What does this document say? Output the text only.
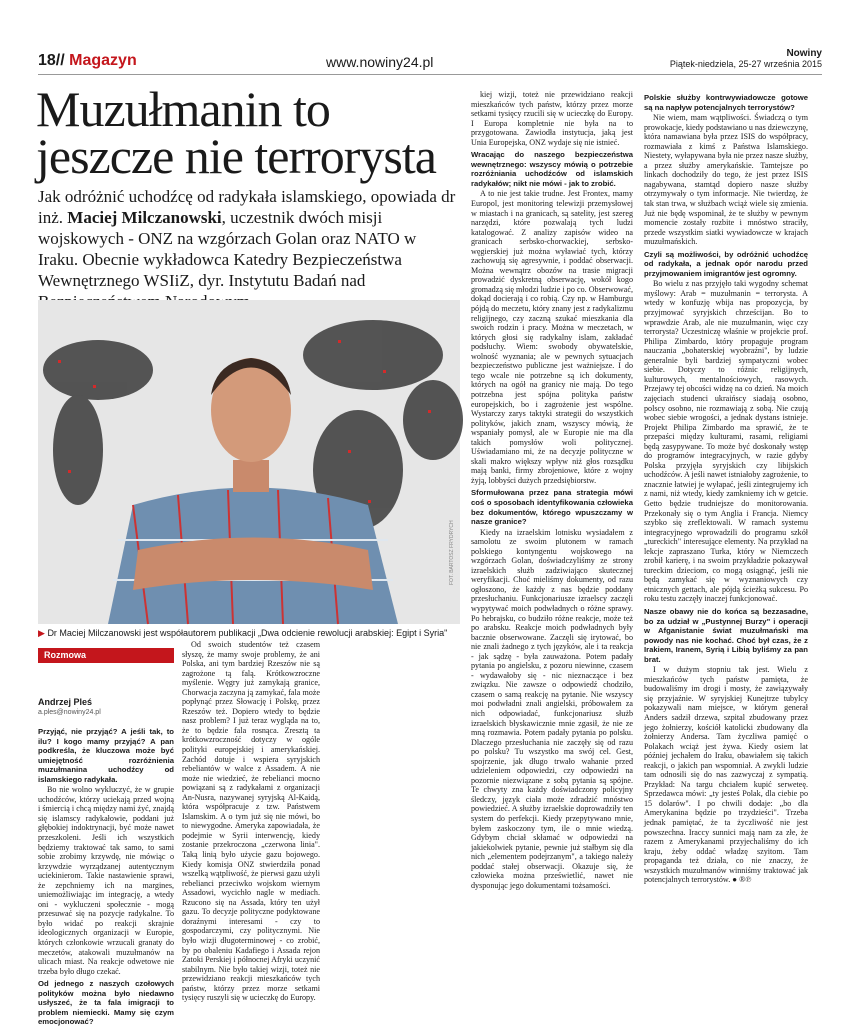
18// Magazyn	www.nowiny24.pl
Nowiny
Piątek-niedziela, 25-27 września 2015
Muzułmanin to jeszcze nie terrorysta
Jak odróżnić uchodźcę od radykała islamskiego, opowiada dr inż. Maciej Milczanowski, uczestnik dwóch misji wojskowych - ONZ na wzgórzach Golan oraz NATO w Iraku. Obecnie wykładowca Katedry Bezpieczeństwa Wewnętrznego WSIiZ, dyr. Instytutu Badań nad
FOT. BARTOSZ FRYDRYCH
▶ Dr Maciej Milczanowski jest współautorem publikacji „Dwa odcienie rewolucji arabskiej: Egipt i Syria"
Rozmowa
Andrzej Pleś
a.ples@nowiny24.pl

Przyjąć, nie przyjąć? A jeśli tak, to ilu? I kogo mamy przyjąć? A pan podkreśla, że kluczowa może być umiejętność rozróżnienia muzułmanina uchodźcy od islamskiego radykała.

Bo nie wolno wykluczyć, że w grupie uchodźców, którzy uciekają przed wojną i śmiercią i chcą między nami żyć, znajdą się islamscy radykałowie, poddani już głębokiej indoktrynacji, być może nawet przeszkoleni. Jeśli ich wszystkich będziemy traktować tak samo, to sami sobie zrobimy krzywdę, nie mówiąc o krzywdzie wyrządzanej autentycznym uciekinierom. Takie nastawienie sprawi, że zepchniemy ich na margines, uniemożliwiając im integrację, a wtedy oni - wykluczeni społecznie - mogą przesuwać się na pozycje radykalne. To było widać po reakcji skrajnie ideologicznych organizacji w Europie, których członkowie wrzucali granaty do meczetów, atakowali muzułmanów na ulicach miast. Na reakcje odwetowe nie trzeba było długo czekać.

Od jednego z naszych czołowych polityków można było niedawno usłyszeć, że ta fala imigracji to problem niemiecki. Mamy się czym emocjonować?

Od swoich studentów też czasem słyszę, że mamy swoje problemy, że ani Polska, ani tym bardziej Rzeszów nie są zagrożone tą falą. Krótkowzroczne myślenie. Węgry już zamykają granice, Chorwacja zaczyna ją zamykać, fala może popłynąć przez Słowację i Polskę, przez Rzeszów też. Dopiero wtedy to będzie nasz problem? I już teraz wygląda na to, że to będzie fala rosnąca. Zresztą ta krótkowzroczność dotyczy w ogóle polityki europejskiej i amerykańskiej. Zachód dotuje i wspiera syryjskich rebeliantów w walce z Assadem. A nie może nie wiedzieć, że rebelianci mocno powiązani są z radykałami z organizacji An-Nusra, nazywanej syryjską Al-Kaidą, która współpracuje z tzw. Państwem Islamskim. A o tym już się nie mówi, bo to niewygodne. Ameryka zapowiadała, że podejmie w Syrii interwencję, kiedy zostanie przekroczona „czerwona linia". Taką linią było użycie gazu bojowego. Kiedy komisja ONZ stwierdziła ponad wszelką wątpliwość, że pierwsi gazu użyli rebelianci przeciwko wojskom wiernym Assadowi, wycichło nagle w mediach. Rzucono się na Assada, który ten użył gazu. To decyzje polityczne podyktowane doraźnymi interesami - czy to gospodarczymi, czy politycznymi. Nie było wizji długoterminowej - co zrobić, by po obaleniu Kadafiego i Assada rejon Zatoki Perskiej i północnej Afryki uczynić stabilnym. Nie było takiej wizji, toteż nie przewidziano reakcji mieszkańców tych państw, którzy przez morze setkami tysięcy ruszyli się w ucieczkę do Europy.

kiej wizji, toteż nie przewidziano reakcji mieszkańców tych państw, którzy przez morze setkami tysięcy rzucili się w ucieczkę do Europy. I Europa kompletnie nie była na to przygotowana. Zawiodła instytucja, jaką jest Unia Europejska, ONZ wydaje się nie istnieć.

Wracając do naszego bezpieczeństwa wewnętrznego: wszyscy mówią o potrzebie rozróżniania uchodźców od islamskich radykałów; nikt nie mówi - jak to zrobić.

A to nie jest takie trudne. Jest Frontex, mamy Europol, jest monitoring telewizji przemysłowej w miastach i na granicach, są satelity, jest szereg narzędzi, które pozwalają tych ludzi katalogować. Z analizy zapisów wideo na granicach serbsko-chorwackiej, serbsko-węgierskiej już można wyławiać tych, którzy zachowują się agresywnie, i poddać obserwacji. Można wewnątrz obozów na trasie migracji prowadzić dyskretną obserwację, wokół kogo gromadzą się młodzi ludzie i po co. Obserwować, dokąd docierają i co robią. Czy np. w Hamburgu pójdą do meczetu, który znany jest z radykalizmu religijnego, czy zaczną szukać mieszkania dla swoich rodzin i pracy. Można w meczetach, w których głosi się radykalny islam, zakładać podsłuchy. Wiem: swobody obywatelskie, wolność wyznania; ale w pewnych sytuacjach bezpieczeństwo publiczne jest ważniejsze. I do tego wcale nie potrzebne są ich dokumenty, których na ogół na granicy nie mają. Do tego potrzebna jest spójna polityka państw europejskich, bo i zagrożenie jest wspólne. Wystarczy zarys taktyki strategii do wszystkich polityków, jakich znam, wszyscy mówią, że wspaniały pomysł, ale w Europie nie ma dla takich pomysłów woli politycznej. Uświadamiano mi, że na decyzje polityczne w skali makro większy wpływ niż głos rozsądku mają banki, firmy zbrojeniowe, które z wojny żyją, lobbyści dużych przedsiębiorstw.

Sformułowana przez pana strategia mówi coś o sposobach identyfikowania człowieka bez dokumentów, którego wpuszczamy w nasze granice?

Kiedy na izraelskim lotnisku wysiadałem z samolotu ze swoim plutonem w ramach polskiego kontyngentu wojskowego na wzgórzach Golan, doświadczyliśmy ze strony izraelskich służb zadziwiająco skutecznej weryfikacji. Choć mieliśmy dokumenty, od razu ogłoszono, że każdy z nas będzie poddany przesłuchaniu. Funkcjonariusze izraelscy zaczęli wypytywać moich podwładnych o różne sprawy. Po hebrajsku, co budziło różne reakcje, może też po arabsku. Reakcje moich podwładnych były bacznie obserwowane. Zaczęli się irytować, bo nie znali żadnego z tych języków, ale i ta reakcja - jak sądzę - była zauważona. Potem padały pytania po angielsku, z pozoru niewinne, czasem - wydawałoby się - nic nieznaczące i bez związku. Nie zawsze o odpowiedź chodziło, czasem o samą reakcję na pytanie. Nie wszyscy moi podwładni znali angielski, próbowałem za nich odpowiadać, funkcjonariusz służb izraelskich błyskawicznie mnie zgasił, że nie ze mną rozmawia. Potem padały pytania po polsku. Dlaczego przesłuchania nie zaczęły się od razu po polsku? Tu wszystko ma swój cel. Gest, spojrzenie, jak długo trwało wahanie przed udzieleniem odpowiedzi, czy odpowiedzi na pozornie niezwiązane z sobą pytania są spójne. Te chwyty zna każdy doświadczony policyjny śledczy, język ciała może zdradzić mnóstwo powiedzieć. A służby izraelskie doprowadziły ten system do perfekcji. Kiedy przepytywano mnie, byłem zaskoczony tym, ile o mnie wiedzą. Gdybym chciał skłamać w odpowiedzi na jakiekolwiek pytanie, pewnie już stałbym się dla nich „elementem podejrzanym", a takiego należy poddać stałej obserwacji. Okazuje się, że człowieka można prześwietlić, nawet nie dysponując jego dokumentami tożsamości.

Polskie służby kontrwywiadowcze gotowe są na napływ potencjalnych terrorystów?

Nie wiem, mam wątpliwości. Świadczą o tym prowokacje, kiedy podstawiano u nas dziewczynę, która namawiana była przez ISIS do współpracy, rozmawiała z kimś z Państwa Islamskiego. Niestety, wyłapywana była nie przez nasze służby, a przez służby amerykańskie. Tamtejsze po linkach dochodziły do tego, że jest przez ISIS nagabywana, stamtąd dopiero nasze służby otrzymywały o tym informacje. Nie twierdzę, że tak stan trwa, w służbach wciąż wiele się zmienia. Już nie będę wspominał, że te służby w pewnym momencie zostały rozbite i mnóstwo straciły, przede wszystkim siatki wywiadowcze w krajach muzułmańskich.

Czyli są możliwości, by odróżnić uchodźcę od radykała, a jednak opór narodu przed przyjmowaniem imigrantów jest ogromny.

Bo wielu z nas przyjęło taki wygodny schemat myślowy: Arab = muzułmanin = terrorysta. A wtedy w konfuzję wbija nas propozycja, by przyjmować syryjskich chrześcijan. Bo to wprawdzie Arab, ale nie muzułmanin, więc czy terrorysta? Uczestniczę właśnie w projekcie prof. Philipa Zimbardo, który propaguje program nauczania „bohaterskiej wyobraźni", by ludzie generalnie byli bardziej sympatyczni wobec siebie. Dotyczy to różnic religijnych, kulturowych, mentalnościowych, rasowych. Przejawy tej obcości widzę na co dzień. Na moich zajęciach studenci ukraińscy siadają osobno, polscy osobno, nie rozmawiają z sobą. Nie czują wobec siebie wrogości, a jednak dystans istnieje. Projekt Philipa Zimbardo ma sprawić, że te przepaści między kulturami, rasami, religiami będą zasypywane. To może być doskonały wstęp do programów integracyjnych, w razie gdyby Polska przyjęła syryjskich czy libijskich uchodźców. A jeśli nawet istniałoby zagrożenie, to znacznie łatwiej je wyłapać, jeśli zintegrujemy ich z nami, niż wtedy, kiedy zamkniemy ich w getcie. Getto będzie trudniejsze do monitorowania. Przekonały się o tym Anglia i Francja. Niemcy szybko się zreflektowali. W ramach systemu integracyjnego wprowadzili do programu szkół „tureckich" interesujące elementy. Na przykład na lekcje zapraszano Turka, który w Niemczech zrobił karierę, i na swoim przykładzie pokazywał tureckim dzieciom, co mogą osiągnąć, jeśli nie będą zamykać się w wyznaniowych czy etnicznych gettach, ale pójdą ścieżką sukcesu. Po roku testu zaczęły inaczej funkcjonować.

Nasze obawy nie do końca są bezzasadne, bo za udział w „Pustynnej Burzy" i operacji w Afganistanie świat muzułmański ma powody nas nie kochać. Choć był czas, że z Irakiem, Iranem, Syrią i Libią byliśmy za pan brat.

I w dużym stopniu tak jest. Wielu z mieszkańców tych państw pamięta, że budowaliśmy im drogi i mosty, że zawiązywały się przyjaźnie. W syryjskiej Kunejtrze tubylcy pokazywali nam miejsce, w którym generał Anders sadził drzewa, szpital zbudowany przez jego żołnierzy, kościół katolicki zbudowany dla żołnierzy Andersa. Tam życzliwa pamięć o Polakach wciąż jest żywa. Kiedy osiem lat później jechałem do Iraku, obawiałem się takich reakcji, o jakich pan wspomniał. A zwykli ludzie tam odnosili się do nas zazwyczaj z sympatią. Przykład: Na targu chciałem kupić serweteę. Sprzedawca mówi: „ty jesteś Polak, dla ciebie po 15 dolarów". I po chwili dodaje: „bo dla Amerykanina będzie po trzydzieści". Trzeba jednak pamiętać, że ta życzliwość nie jest powszechna. Iraccy sunnici mają nam za złe, że razem z Amerykanami przyjechaliśmy do ich kraju, żeby oddać władzę szyitom. Tam propaganda też działa, co nie znaczy, że wszystkich muzułmanów winniśmy traktować jak potencjalnych terrorystów. ● ®℗
